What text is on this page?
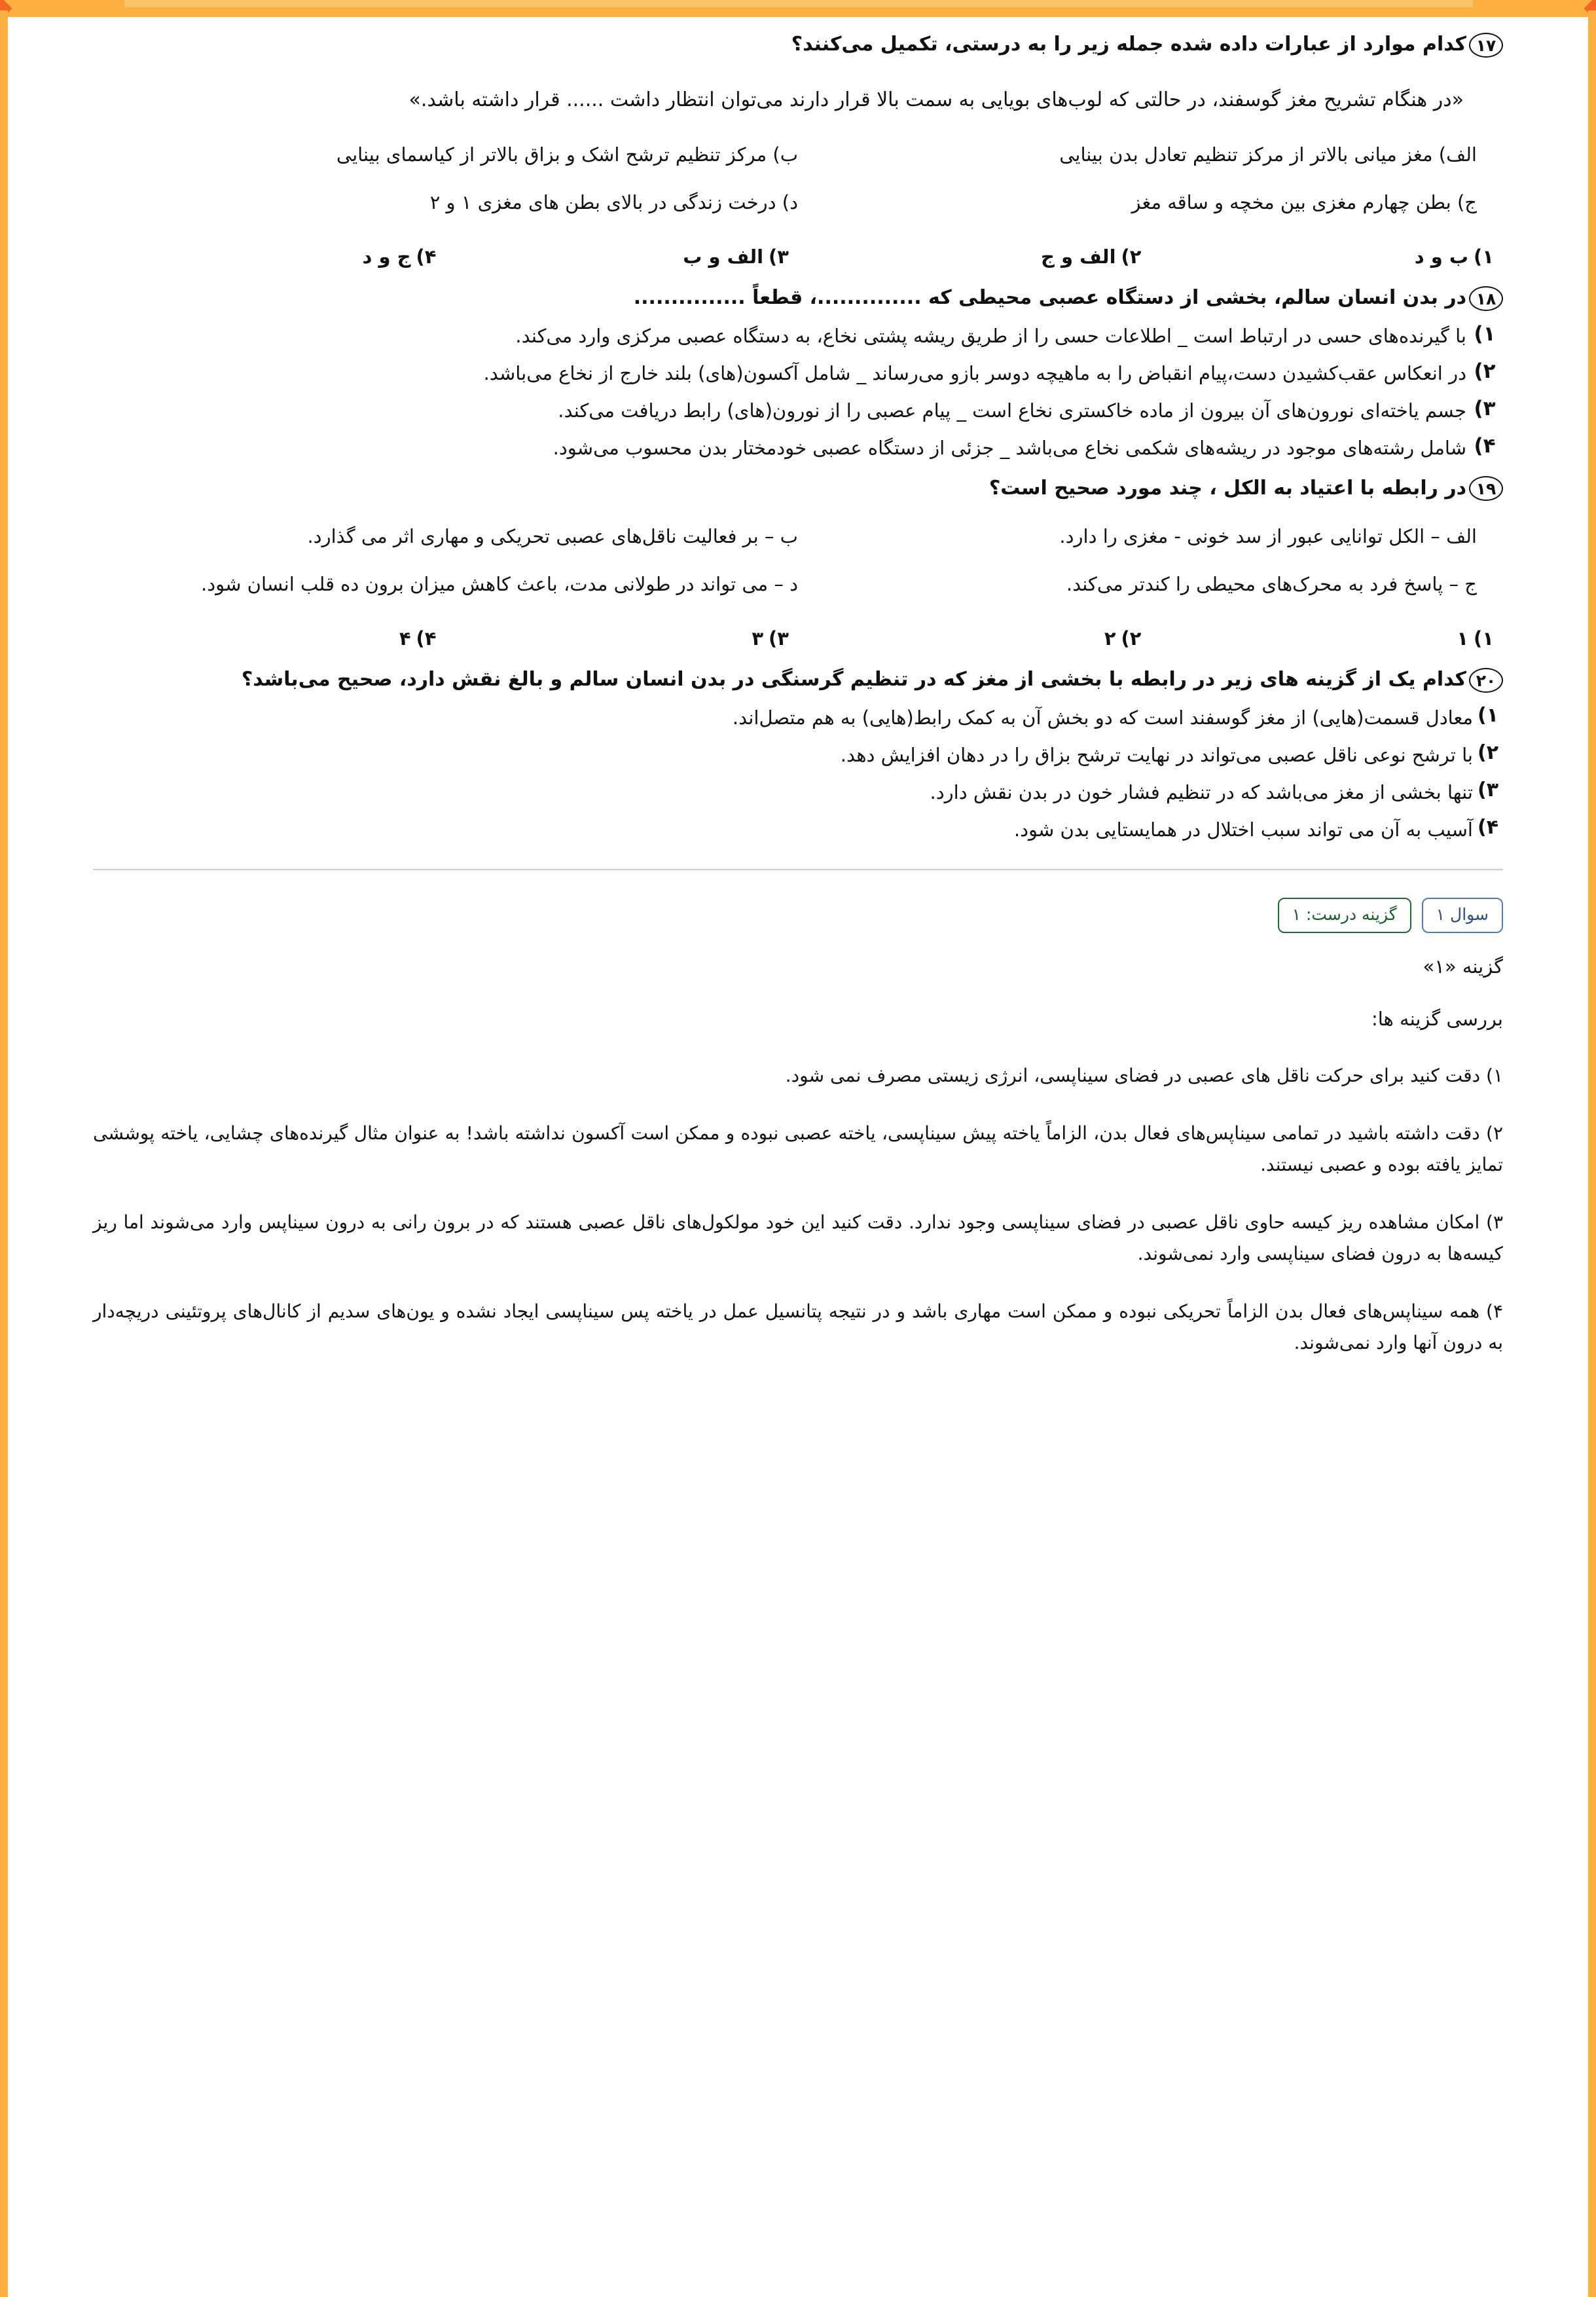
۱۷کدام موارد از عبارات داده شده جمله زیر را به درستی، تکمیل می‌کنند؟

«در هنگام تشریح مغز گوسفند، در حالتی که لوب‌های بویایی به سمت بالا قرار دارند می‌توان انتظار داشت ...... قرار داشته باشد.»

الف) مغز میانی بالاتر از مرکز تنظیم تعادل بدن بینایی
ب) مرکز تنظیم ترشح اشک و بزاق بالاتر از کیاسمای بینایی
ج) بطن چهارم مغزی بین مخچه و ساقه مغز
د) درخت زندگی در بالای بطن های مغزی ۱ و ۲
۱)ب و د
۲)الف و ج
۳)الف و ب
۴)ج و د

۱۸در بدن انسان سالم، بخشی از دستگاه عصبی محیطی که ..............، قطعاً ...............

۱)
با گیرنده‌های حسی در ارتباط است _ اطلاعات حسی را از طریق ریشه پشتی نخاع، به دستگاه عصبی مرکزی وارد می‌کند.
۲)
در انعکاس عقب‌کشیدن دست،پیام انقباض را به ماهیچه دوسر بازو می‌رساند _ شامل آکسون(های) بلند خارج از نخاع می‌باشد.
۳)
جسم یاخته‌ای نورون‌های آن بیرون از ماده خاکستری نخاع است _ پیام عصبی را از نورون(های) رابط دریافت می‌کند.
۴)
شامل رشته‌های موجود در ریشه‌های شکمی نخاع می‌باشد _ جزئی از دستگاه عصبی خودمختار بدن محسوب می‌شود.

۱۹در رابطه با اعتیاد به الکل ، چند مورد صحیح است؟

الف – الکل توانایی عبور از سد خونی - مغزی را دارد.
ب – بر فعالیت ناقل‌های عصبی تحریکی و مهاری اثر می گذارد.
ج – پاسخ فرد به محرک‌های محیطی را کندتر می‌کند.
د – می تواند در طولانی مدت، باعث کاهش میزان برون ده قلب انسان شود.
۱)۱
۲)۲
۳)۳
۴)۴

۲۰کدام یک از گزینه های زیر در رابطه با بخشی از مغز که در تنظیم گرسنگی در بدن انسان سالم و بالغ نقش دارد، صحیح می‌باشد؟

۱)
معادل قسمت(هایی) از مغز گوسفند است که دو بخش آن به کمک رابط(هایی) به هم متصل‌اند.
۲)
با ترشح نوعی ناقل عصبی می‌تواند در نهایت ترشح بزاق را در دهان افزایش دهد.
۳)
تنها بخشی از مغز می‌باشد که در تنظیم فشار خون در بدن نقش دارد.
۴)
آسیب به آن می تواند سبب اختلال در همایستایی بدن شود.
سوال ۱
گزینه درست: ۱

گزینه «۱»

بررسی گزینه ها:

۱) دقت کنید برای حرکت ناقل های عصبی در فضای سیناپسی، انرژی زیستی مصرف نمی شود.

۲) دقت داشته باشید در تمامی سیناپس‌های فعال بدن، الزاماً یاخته پیش سیناپسی، یاخته عصبی نبوده و ممکن است آکسون نداشته باشد! به عنوان مثال گیرنده‌های چشایی، یاخته پوششی تمایز یافته بوده و عصبی نیستند.

۳) امکان مشاهده ریز کیسه حاوی ناقل عصبی در فضای سیناپسی وجود ندارد. دقت کنید این خود مولکول‌های ناقل عصبی هستند که در برون رانی به درون سیناپس وارد می‌شوند اما ریز کیسه‌ها به درون فضای سیناپسی وارد نمی‌شوند.

۴) همه سیناپس‌های فعال بدن الزاماً تحریکی نبوده و ممکن است مهاری باشد و در نتیجه پتانسیل عمل در یاخته پس سیناپسی ایجاد نشده و یون‌های سدیم از کانال‌های پروتئینی دریچه‌دار به درون آنها وارد نمی‌شوند.
